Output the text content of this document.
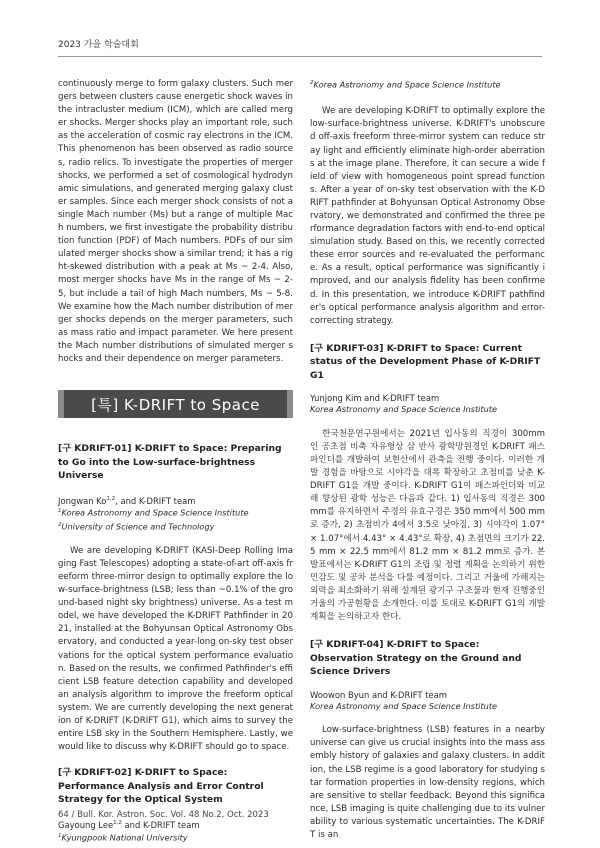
2023 가을 학술대회

continuously merge to form galaxy clusters. Such mergers between clusters cause energetic shock waves in the intracluster medium (ICM), which are called merger shocks. Merger shocks play an important role, such as the acceleration of cosmic ray electrons in the ICM. This phenomenon has been observed as radio sources, radio relics. To investigate the properties of merger shocks, we performed a set of cosmological hydrodynamic simulations, and generated merging galaxy cluster samples. Since each merger shock consists of not a single Mach number (Ms) but a range of multiple Mach numbers, we first investigate the probability distribution function (PDF) of Mach numbers. PDFs of our simulated merger shocks show a similar trend; it has a right-skewed distribution with a peak at Ms ~ 2-4. Also, most merger shocks have Ms in the range of Ms ~ 2-5, but include a tail of high Mach numbers, Ms ~ 5-8. We examine how the Mach number distribution of merger shocks depends on the merger parameters, such as mass ratio and impact parameter. We here present the Mach number distributions of simulated merger shocks and their dependence on merger parameters.

[특] K-DRIFT to Space
[구 KDRIFT-01] K-DRIFT to Space: Preparing to Go into the Low-surface-brightness Universe

Jongwan Ko$^{1,2}$, and K-DRIFT team

$^1$Korea Astronomy and Space Science Institute

$^2$University of Science and Technology

We are developing K-DRIFT (KASI-Deep Rolling Imaging Fast Telescopes) adopting a state-of-art off-axis freeform three-mirror design to optimally explore the low-surface-brightness (LSB; less than ~0.1% of the ground-based night sky brightness) universe. As a test model, we have developed the K-DRIFT Pathfinder in 2021, installed at the Bohyunsan Optical Astronomy Observatory, and conducted a year-long on-sky test observations for the optical system performance evaluation. Based on the results, we confirmed Pathfinder's efficient LSB feature detection capability and developed an analysis algorithm to improve the freeform optical system. We are currently developing the next generation of K-DRIFT (K-DRIFT G1), which aims to survey the entire LSB sky in the Southern Hemisphere. Lastly, we would like to discuss why K-DRIFT should go to space.

[구 KDRIFT-02] K-DRIFT to Space: Performance Analysis and Error Control Strategy for the Optical System

Gayoung Lee$^{1,2}$ and K-DRIFT team

$^1$Kyungpook National University

$^2$Korea Astronomy and Space Science Institute

We are developing K-DRIFT to optimally explore the low-surface-brightness universe. K-DRIFT's unobscured off-axis freeform three-mirror system can reduce stray light and efficiently eliminate high-order aberrations at the image plane. Therefore, it can secure a wide field of view with homogeneous point spread functions. After a year of on-sky test observation with the K-DRIFT pathfinder at Bohyunsan Optical Astronomy Observatory, we demonstrated and confirmed the three performance degradation factors with end-to-end optical simulation study. Based on this, we recently corrected these error sources and re-evaluated the performance. As a result, optical performance was significantly improved, and our analysis fidelity has been confirmed. In this presentation, we introduce K-DRIFT pathfinder's optical performance analysis algorithm and error-correcting strategy.

[구 KDRIFT-03] K-DRIFT to Space: Current status of the Development Phase of K-DRIFT G1

Yunjong Kim and K-DRIFT team

Korea Astronomy and Space Science Institute

한국천문연구원에서는 2021년 입사동의 직경이 300mm인 공초점 비축 자유형상 삼 반사 광학망원경인 K-DRIFT 패스파인더를 개발하여 보현산에서 관측을 진행 중이다. 이러한 개발 경험을 바탕으로 시야각을 대폭 확장하고 초점비를 낮춘 K-DRIFT G1을 개발 중이다. K-DRIFT G1이 패스파인더와 비교해 향상된 광학 성능은 다음과 같다. 1) 입사동의 직경은 300 mm를 유지하면서 주경의 유효구경은 350 mm에서 500 mm로 증가, 2) 초점비가 4에서 3.5로 낮아짐, 3) 시야각이 1.07° × 1.07°에서 4.43° × 4.43°로 확장, 4) 초점면의 크기가 22.5 mm × 22.5 mm에서 81.2 mm × 81.2 mm로 증가. 본 발표에서는 K-DRIFT G1의 조립 및 정렬 계획을 논의하기 위한 민감도 및 공차 분석을 다룰 예정이다. 그리고 거울에 가해지는 외력을 최소화하기 위해 설계된 광기구 구조물과 현재 진행중인 거울의 가공현황을 소개한다. 이를 토대로 K-DRIFT G1의 개발계획을 논의하고자 한다.

[구 KDRIFT-04] K-DRIFT to Space: Observation Strategy on the Ground and Science Drivers

Woowon Byun and K-DRIFT team

Korea Astronomy and Space Science Institute

Low-surface-brightness (LSB) features in a nearby universe can give us crucial insights into the mass assembly history of galaxies and galaxy clusters. In addition, the LSB regime is a good laboratory for studying star formation properties in low-density regions, which are sensitive to stellar feedback. Beyond this significance, LSB imaging is quite challenging due to its vulnerability to various systematic uncertainties. The K-DRIFT is an

64 / Bull. Kor. Astron. Soc. Vol. 48 No.2, Oct. 2023
